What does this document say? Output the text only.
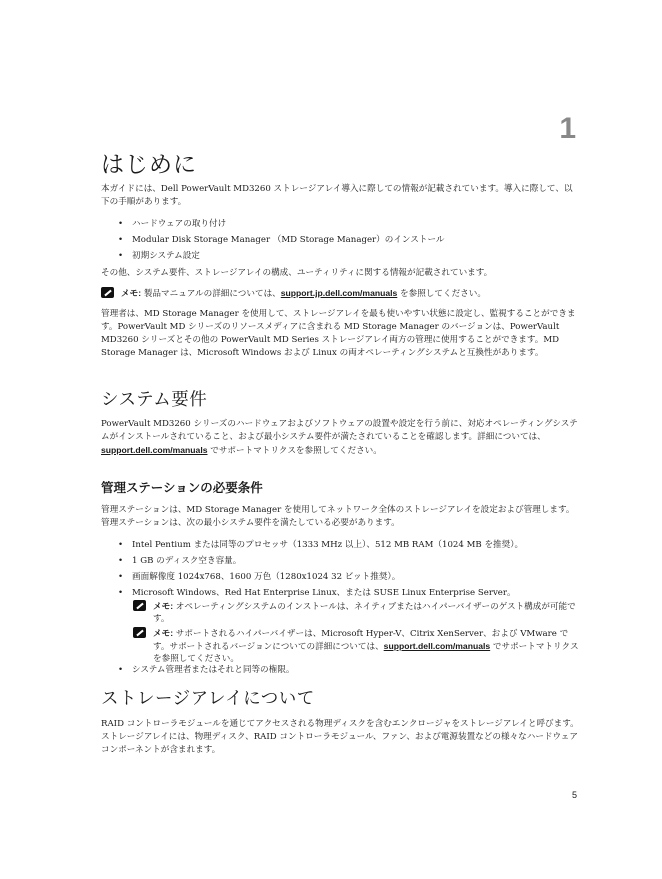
1
はじめに

本ガイドには、Dell PowerVault MD3260 ストレージアレイ導入に際しての情報が記載されています。導入に際して、以下の手順があります。

• ハードウェアの取り付け
• Modular Disk Storage Manager （MD Storage Manager）のインストール
• 初期システム設定

その他、システム要件、ストレージアレイの構成、ユーティリティに関する情報が記載されています。

メモ: 製品マニュアルの詳細については、support.jp.dell.com/manuals を参照してください。

管理者は、MD Storage Manager を使用して、ストレージアレイを最も使いやすい状態に設定し、監視することができます。PowerVault MD シリーズのリソースメディアに含まれる MD Storage Manager のバージョンは、PowerVault MD3260 シリーズとその他の PowerVault MD Series ストレージアレイ両方の管理に使用することができます。MD Storage Manager は、Microsoft Windows および Linux の両オペレーティングシステムと互換性があります。

システム要件

PowerVault MD3260 シリーズのハードウェアおよびソフトウェアの設置や設定を行う前に、対応オペレーティングシステムがインストールされていること、および最小システム要件が満たされていることを確認します。詳細については、support.dell.com/manuals でサポートマトリクスを参照してください。

管理ステーションの必要条件

管理ステーションは、MD Storage Manager を使用してネットワーク全体のストレージアレイを設定および管理します。管理ステーションは、次の最小システム要件を満たしている必要があります。

• Intel Pentium または同等のプロセッサ（1333 MHz 以上）、512 MB RAM（1024 MB を推奨）。
• 1 GB のディスク空き容量。
• 画面解像度 1024x768、1600 万色（1280x1024 32 ビット推奨）。
• Microsoft Windows、Red Hat Enterprise Linux、または SUSE Linux Enterprise Server。
メモ: オペレーティングシステムのインストールは、ネイティブまたはハイパーバイザーのゲスト構成が可能です。
メモ: サポートされるハイパーバイザーは、Microsoft Hyper-V、Citrix XenServer、および VMware です。サポートされるバージョンについての詳細については、support.dell.com/manuals でサポートマトリクスを参照してください。
• システム管理者またはそれと同等の権限。
ストレージアレイについて

RAID コントローラモジュールを通じてアクセスされる物理ディスクを含むエンクロージャをストレージアレイと呼びます。ストレージアレイには、物理ディスク、RAID コントローラモジュール、ファン、および電源装置などの様々なハードウェアコンポーネントが含まれます。

5
